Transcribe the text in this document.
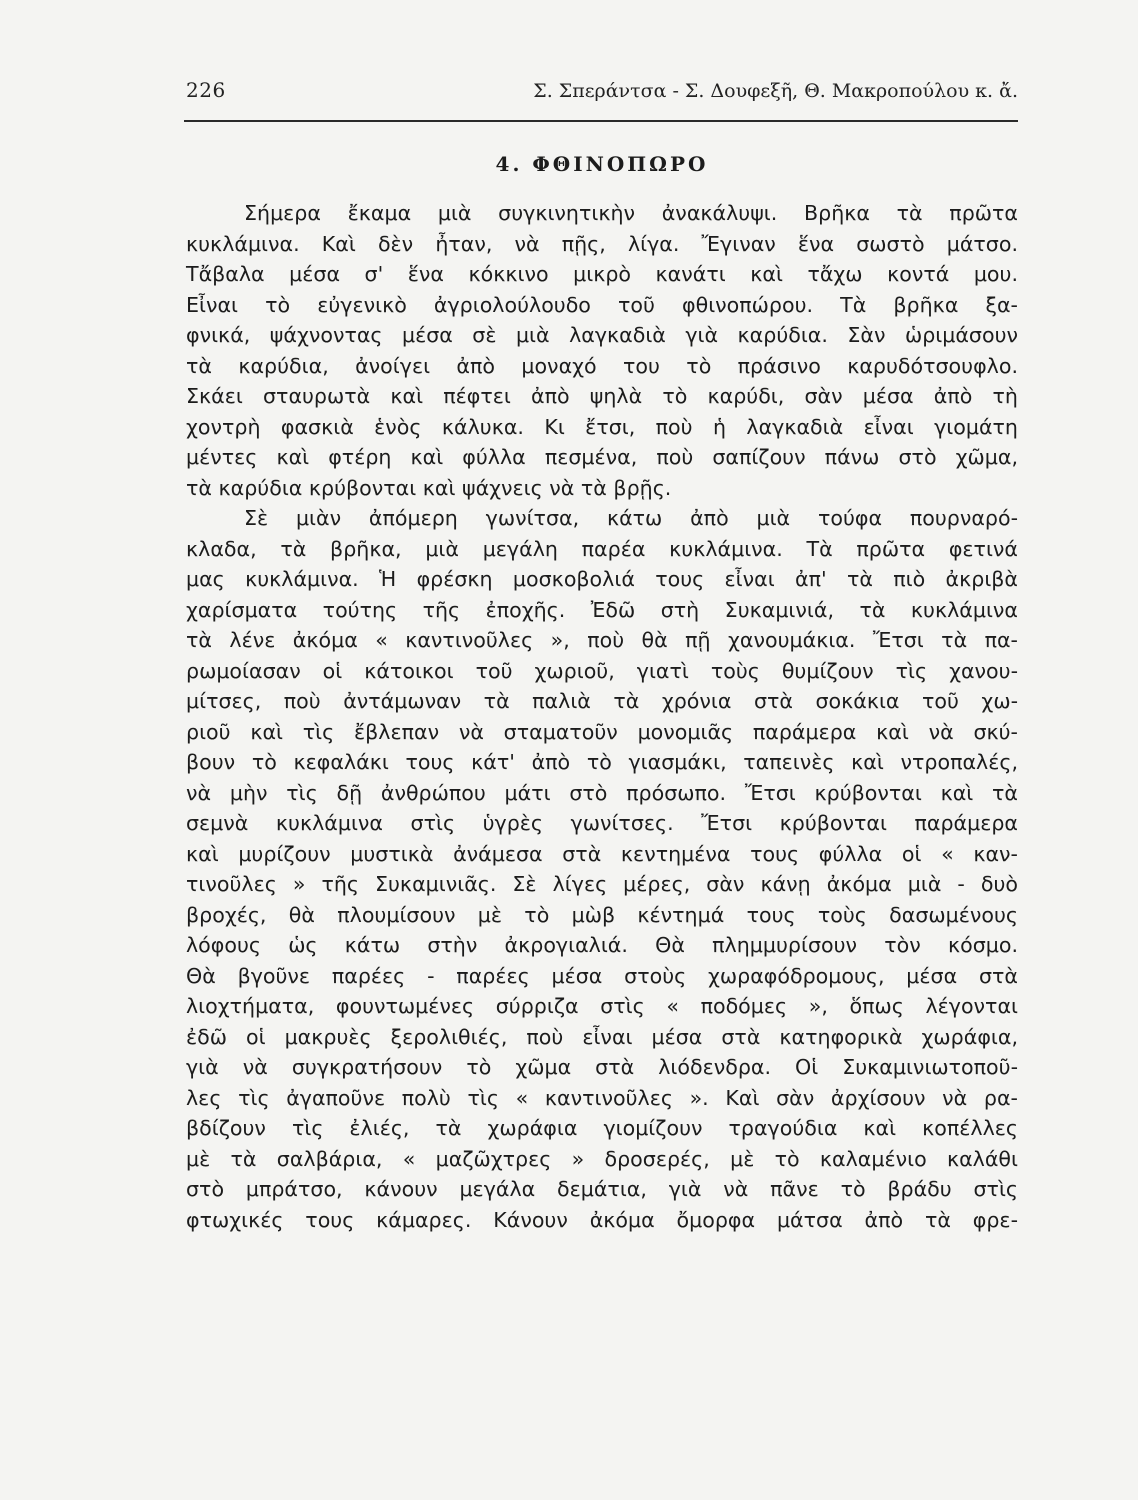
226	Σ. Σπεράντσα - Σ. Δουφεξῆ, Θ. Μακροπούλου κ. ἄ.
4. ΦΘΙΝΟΠΩΡΟ
Σήμερα ἔκαμα μιὰ συγκινητικὴν ἀνακάλυψι. Βρῆκα τὰ πρῶτα
κυκλάμινα. Καὶ δὲν ἦταν, νὰ πῇς, λίγα. Ἔγιναν ἕνα σωστὸ μάτσο.
Τἄβαλα μέσα σ' ἕνα κόκκινο μικρὸ κανάτι καὶ τἄχω κοντά μου.
Εἶναι τὸ εὐγενικὸ ἀγριολούλουδο τοῦ φθινοπώρου. Τὰ βρῆκα ξα-
φνικά, ψάχνοντας μέσα σὲ μιὰ λαγκαδιὰ γιὰ καρύδια. Σὰν ὡριμάσουν
τὰ καρύδια, ἀνοίγει ἀπὸ μοναχό του τὸ πράσινο καρυδότσουφλο.
Σκάει σταυρωτὰ καὶ πέφτει ἀπὸ ψηλὰ τὸ καρύδι, σὰν μέσα ἀπὸ τὴ
χοντρὴ φασκιὰ ἑνὸς κάλυκα. Κι ἔτσι, ποὺ ἡ λαγκαδιὰ εἶναι γιομάτη
μέντες καὶ φτέρη καὶ φύλλα πεσμένα, ποὺ σαπίζουν πάνω στὸ χῶμα,
τὰ καρύδια κρύβονται καὶ ψάχνεις νὰ τὰ βρῇς.
Σὲ μιὰν ἀπόμερη γωνίτσα, κάτω ἀπὸ μιὰ τούφα πουρναρό-
κλαδα, τὰ βρῆκα, μιὰ μεγάλη παρέα κυκλάμινα. Τὰ πρῶτα φετινά
μας κυκλάμινα. Ἡ φρέσκη μοσκοβολιά τους εἶναι ἀπ' τὰ πιὸ ἀκριβὰ
χαρίσματα τούτης τῆς ἐποχῆς. Ἐδῶ στὴ Συκαμινιά, τὰ κυκλάμινα
τὰ λένε ἀκόμα « καντινοῦλες », ποὺ θὰ πῇ χανουμάκια. Ἔτσι τὰ πα-
ρωμοίασαν οἱ κάτοικοι τοῦ χωριοῦ, γιατὶ τοὺς θυμίζουν τὶς χανου-
μίτσες, ποὺ ἀντάμωναν τὰ παλιὰ τὰ χρόνια στὰ σοκάκια τοῦ χω-
ριοῦ καὶ τὶς ἔβλεπαν νὰ σταματοῦν μονομιᾶς παράμερα καὶ νὰ σκύ-
βουν τὸ κεφαλάκι τους κάτ' ἀπὸ τὸ γιασμάκι, ταπεινὲς καὶ ντροπαλές,
νὰ μὴν τὶς δῇ ἀνθρώπου μάτι στὸ πρόσωπο. Ἔτσι κρύβονται καὶ τὰ
σεμνὰ κυκλάμινα στὶς ὑγρὲς γωνίτσες. Ἔτσι κρύβονται παράμερα
καὶ μυρίζουν μυστικὰ ἀνάμεσα στὰ κεντημένα τους φύλλα οἱ « καν-
τινοῦλες » τῆς Συκαμινιᾶς. Σὲ λίγες μέρες, σὰν κάνῃ ἀκόμα μιὰ - δυὸ
βροχές, θὰ πλουμίσουν μὲ τὸ μὼβ κέντημά τους τοὺς δασωμένους
λόφους ὡς κάτω στὴν ἀκρογιαλιά. Θὰ πλημμυρίσουν τὸν κόσμο.
Θὰ βγοῦνε παρέες - παρέες μέσα στοὺς χωραφόδρομους, μέσα στὰ
λιοχτήματα, φουντωμένες σύρριζα στὶς « ποδόμες », ὅπως λέγονται
ἐδῶ οἱ μακρυὲς ξερολιθιές, ποὺ εἶναι μέσα στὰ κατηφορικὰ χωράφια,
γιὰ νὰ συγκρατήσουν τὸ χῶμα στὰ λιόδενδρα. Οἱ Συκαμινιωτοποῦ-
λες τὶς ἀγαποῦνε πολὺ τὶς « καντινοῦλες ». Καὶ σὰν ἀρχίσουν νὰ ρα-
βδίζουν τὶς ἐλιές, τὰ χωράφια γιομίζουν τραγούδια καὶ κοπέλλες
μὲ τὰ σαλβάρια, « μαζῶχτρες » δροσερές, μὲ τὸ καλαμένιο καλάθι
στὸ μπράτσο, κάνουν μεγάλα δεμάτια, γιὰ νὰ πᾶνε τὸ βράδυ στὶς
φτωχικές τους κάμαρες. Κάνουν ἀκόμα ὄμορφα μάτσα ἀπὸ τὰ φρε-
